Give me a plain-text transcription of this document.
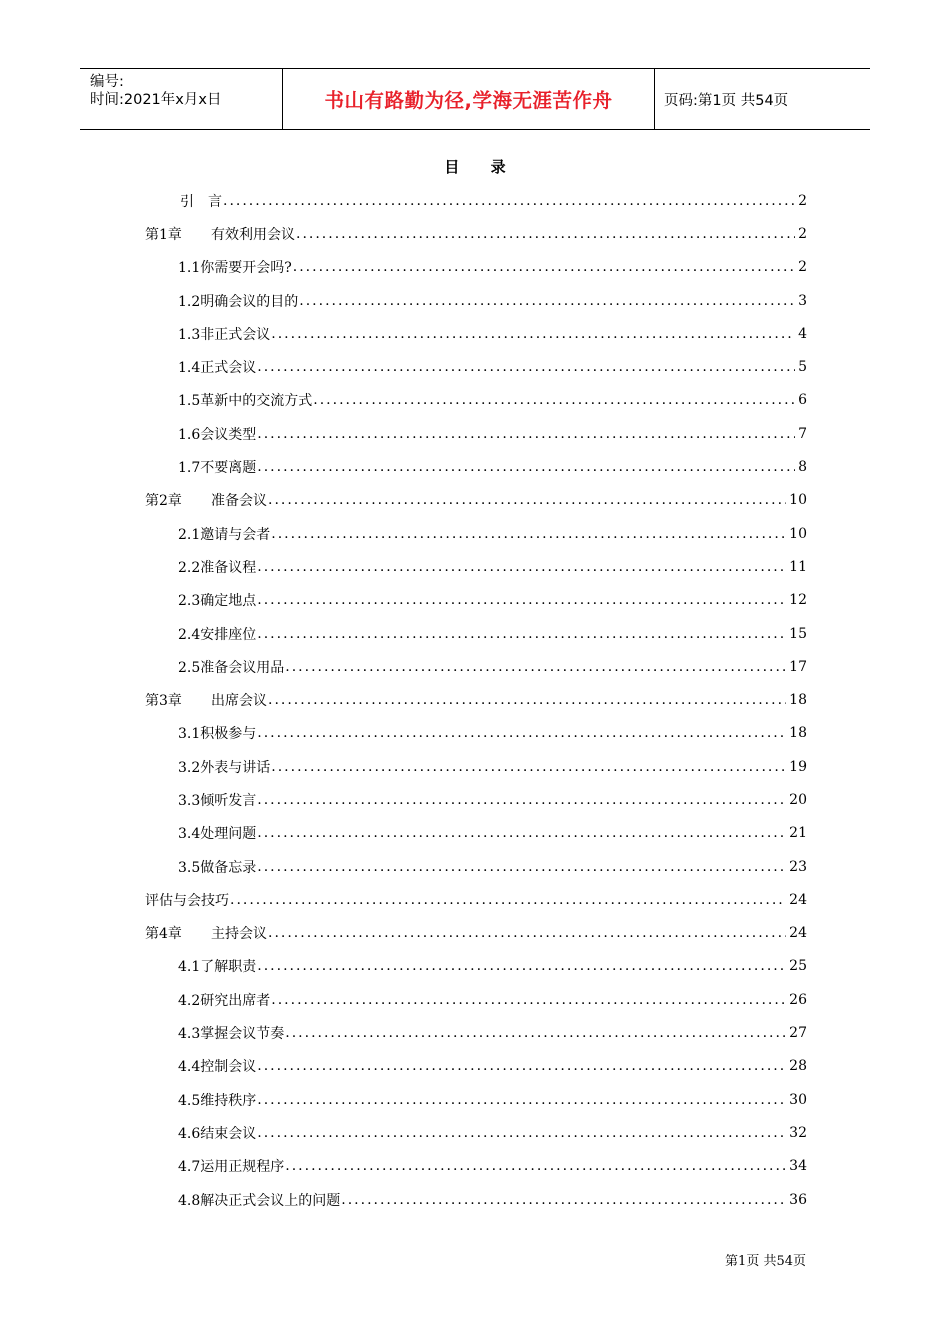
编号:
时间:2021年x月x日	书山有路勤为径,学海无涯苦作舟	页码:第1页 共54页
目 录
引　言 .....	2
第1章 有效利用会议 .....	2
1.1你需要开会吗? .....	2
1.2明确会议的目的 .....	3
1.3非正式会议 .....	4
1.4正式会议 .....	5
1.5革新中的交流方式 .....	6
1.6会议类型 .....	7
1.7不要离题 .....	8
第2章 准备会议 .....	10
2.1邀请与会者 .....	10
2.2准备议程 .....	11
2.3确定地点 .....	12
2.4安排座位 .....	15
2.5准备会议用品 .....	17
第3章 出席会议 .....	18
3.1积极参与 .....	18
3.2外表与讲话 .....	19
3.3倾听发言 .....	20
3.4处理问题 .....	21
3.5做备忘录 .....	23
评估与会技巧 .....	24
第4章 主持会议 .....	24
4.1了解职责 .....	25
4.2研究出席者 .....	26
4.3掌握会议节奏 .....	27
4.4控制会议 .....	28
4.5维持秩序 .....	30
4.6结束会议 .....	32
4.7运用正规程序 .....	34
4.8解决正式会议上的问题 .....	36
第1页 共54页
